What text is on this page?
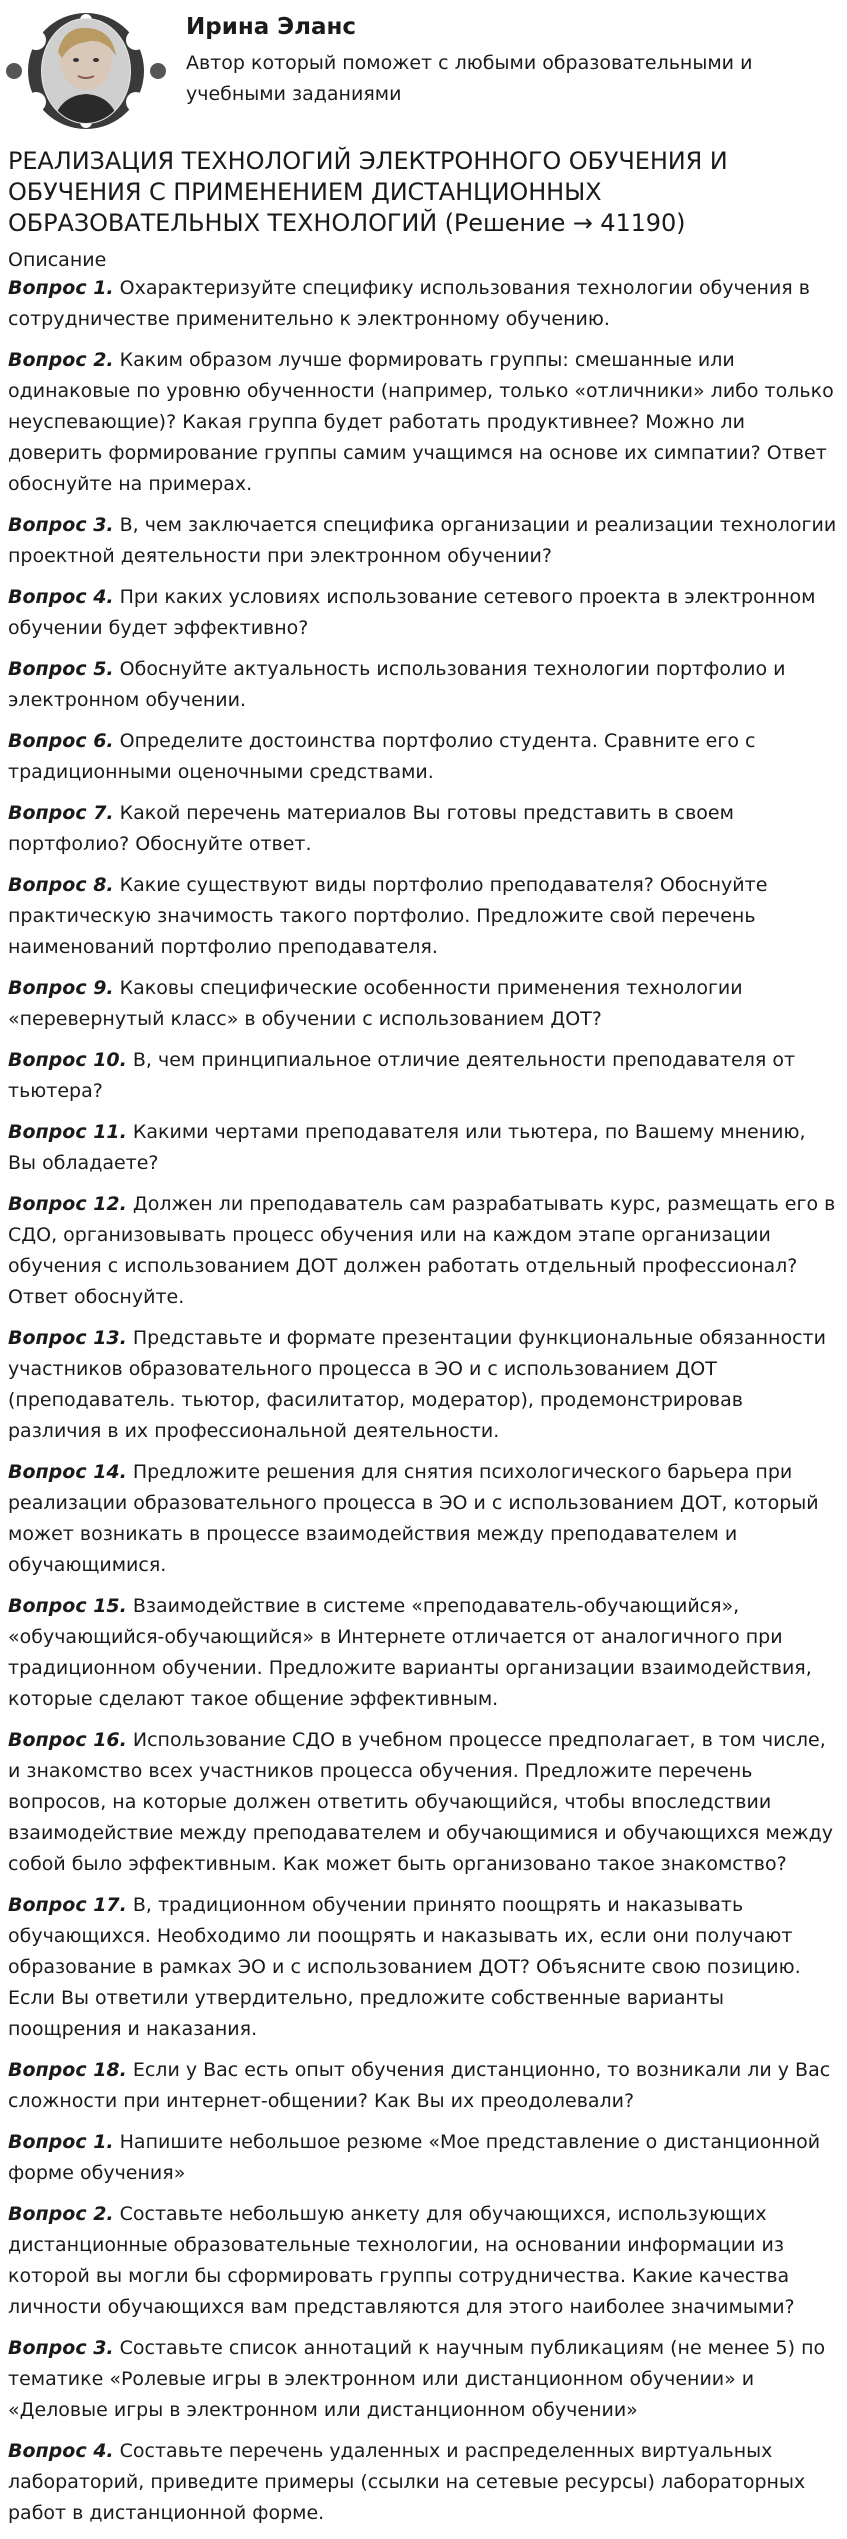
Ирина Эланс

Автор который поможет с любыми образовательными и учебными заданиями

РЕАЛИЗАЦИЯ ТЕХНОЛОГИЙ ЭЛЕКТРОННОГО ОБУЧЕНИЯ И ОБУЧЕНИЯ С ПРИМЕНЕНИЕМ ДИСТАНЦИОННЫХ ОБРАЗОВАТЕЛЬНЫХ ТЕХНОЛОГИЙ (Решение → 41190)
Описание

Вопрос 1. Охарактеризуйте специфику использования технологии обучения в сотрудничестве применительно к электронному обучению.

Вопрос 2. Каким образом лучше формировать группы: смешанные или одинаковые по уровню обученности (например, только «отличники» либо только неуспевающие)? Какая группа будет работать продуктивнее? Можно ли доверить формирование группы самим учащимся на основе их симпатии? Ответ обоснуйте на примерах.

Вопрос 3. В, чем заключается специфика организации и реализации технологии проектной деятельности при электронном обучении?

Вопрос 4. При каких условиях использование сетевого проекта в электронном обучении будет эффективно?

Вопрос 5. Обоснуйте актуальность использования технологии портфолио и электронном обучении.

Вопрос 6. Определите достоинства портфолио студента. Сравните его с традиционными оценочными средствами.

Вопрос 7. Какой перечень материалов Вы готовы представить в своем портфолио? Обоснуйте ответ.

Вопрос 8. Какие существуют виды портфолио преподавателя? Обоснуйте практическую значимость такого портфолио. Предложите свой перечень наименований портфолио преподавателя.

Вопрос 9. Каковы специфические особенности применения технологии «перевернутый класс» в обучении с использованием ДОТ?

Вопрос 10. В, чем принципиальное отличие деятельности преподавателя от тьютера?

Вопрос 11. Какими чертами преподавателя или тьютера, по Вашему мнению, Вы обладаете?

Вопрос 12. Должен ли преподаватель сам разрабатывать курс, размещать его в СДО, организовывать процесс обучения или на каждом этапе организации обучения с использованием ДОТ должен работать отдельный профессионал? Ответ обоснуйте.

Вопрос 13. Представьте и формате презентации функциональные обязанности участников образовательного процесса в ЭО и с использованием ДОТ (преподаватель. тьютор, фасилитатор, модератор), продемонстрировав различия в их профессиональной деятельности.

Вопрос 14. Предложите решения для снятия психологического барьера при реализации образовательного процесса в ЭО и с использованием ДОТ, который может возникать в процессе взаимодействия между преподавателем и обучающимися.

Вопрос 15. Взаимодействие в системе «преподаватель-обучающийся», «обучающийся-обучающийся» в Интернете отличается от аналогичного при традиционном обучении. Предложите варианты организации взаимодействия, которые сделают такое общение эффективным.

Вопрос 16. Использование СДО в учебном процессе предполагает, в том числе, и знакомство всех участников процесса обучения. Предложите перечень вопросов, на которые должен ответить обучающийся, чтобы впоследствии взаимодействие между преподавателем и обучающимися и обучающихся между собой было эффективным. Как может быть организовано такое знакомство?

Вопрос 17. В, традиционном обучении принято поощрять и наказывать обучающихся. Необходимо ли поощрять и наказывать их, если они получают образование в рамках ЭО и с использованием ДОТ? Объясните свою позицию. Если Вы ответили утвердительно, предложите собственные варианты поощрения и наказания.

Вопрос 18. Если у Вас есть опыт обучения дистанционно, то возникали ли у Вас сложности при интернет-общении? Как Вы их преодолевали?

Вопрос 1. Напишите небольшое резюме «Мое представление о дистанционной форме обучения»

Вопрос 2. Составьте небольшую анкету для обучающихся, использующих дистанционные образовательные технологии, на основании информации из которой вы могли бы сформировать группы сотрудничества. Какие качества личности обучающихся вам представляются для этого наиболее значимыми?

Вопрос 3. Составьте список аннотаций к научным публикациям (не менее 5) по тематике «Ролевые игры в электронном или дистанционном обучении» и «Деловые игры в электронном или дистанционном обучении»

Вопрос 4. Составьте перечень удаленных и распределенных виртуальных лабораторий, приведите примеры (ссылки на сетевые ресурсы) лабораторных работ в дистанционной форме.
